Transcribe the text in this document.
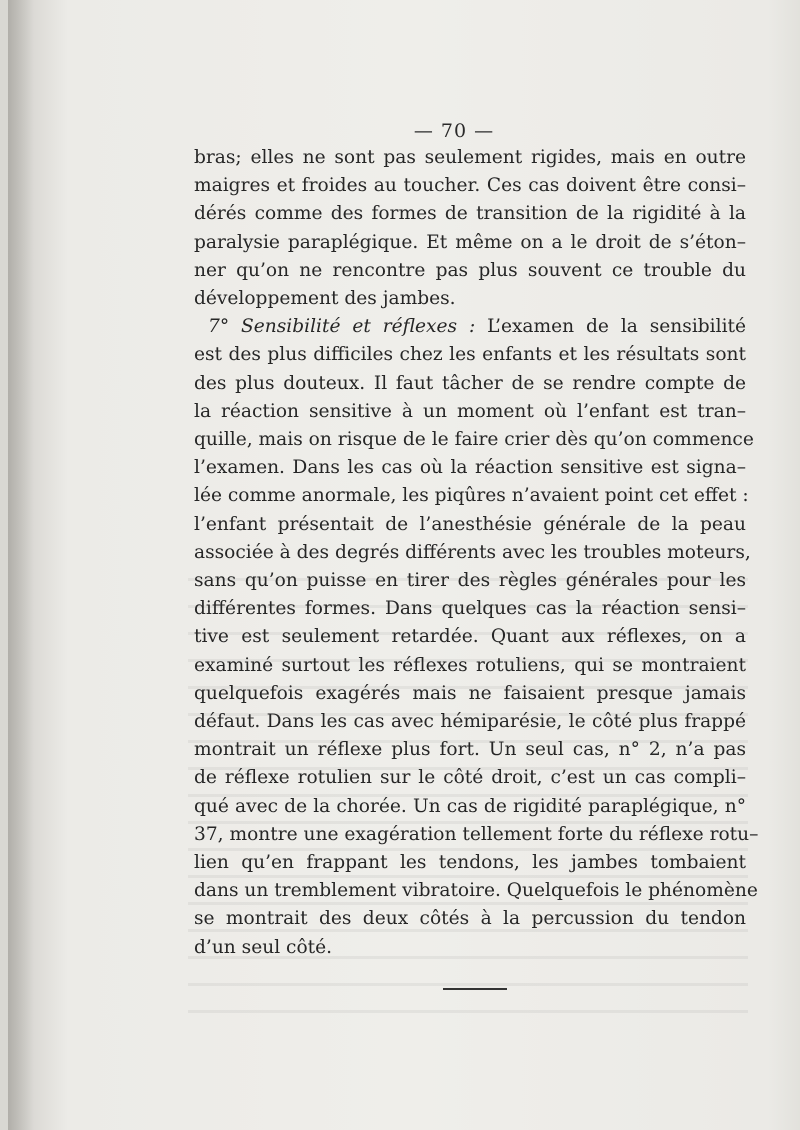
— 70 —
bras; elles ne sont pas seulement rigides, mais en outre
maigres et froides au toucher. Ces cas doivent être consi–
dérés comme des formes de transition de la rigidité à la
paralysie paraplégique. Et même on a le droit de s’éton–
ner qu’on ne rencontre pas plus souvent ce trouble du
développement des jambes.
7° Sensibilité et réflexes : L’examen de la sensibilité
est des plus difficiles chez les enfants et les résultats sont
des plus douteux. Il faut tâcher de se rendre compte de
la réaction sensitive à un moment où l’enfant est tran–
quille, mais on risque de le faire crier dès qu’on commence
l’examen. Dans les cas où la réaction sensitive est signa–
lée comme anormale, les piqûres n’avaient point cet effet :
l’enfant présentait de l’anesthésie générale de la peau
associée à des degrés différents avec les troubles moteurs,
sans qu’on puisse en tirer des règles générales pour les
différentes formes. Dans quelques cas la réaction sensi–
tive est seulement retardée. Quant aux réflexes, on a
examiné surtout les réflexes rotuliens, qui se montraient
quelquefois exagérés mais ne faisaient presque jamais
défaut. Dans les cas avec hémiparésie, le côté plus frappé
montrait un réflexe plus fort. Un seul cas, n° 2, n’a pas
de réflexe rotulien sur le côté droit, c’est un cas compli–
qué avec de la chorée. Un cas de rigidité paraplégique, n°
37, montre une exagération tellement forte du réflexe rotu–
lien qu’en frappant les tendons, les jambes tombaient
dans un tremblement vibratoire. Quelquefois le phénomène
se montrait des deux côtés à la percussion du tendon
d’un seul côté.
